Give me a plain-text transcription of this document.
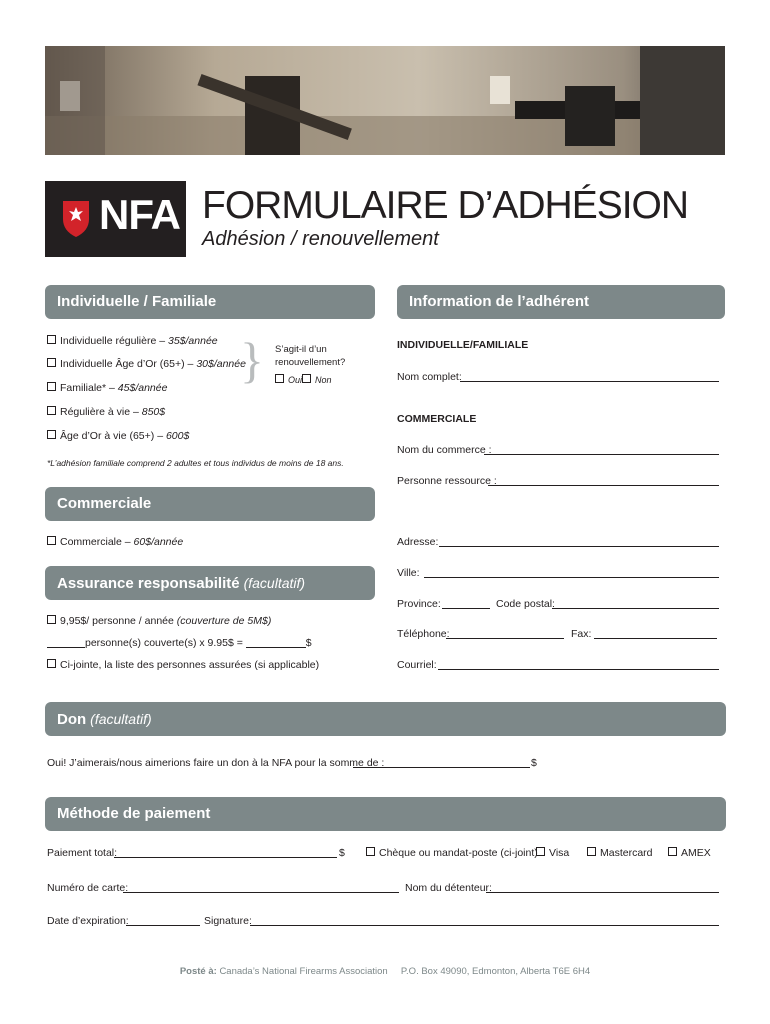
NFA FORMULAIRE D’ADHÉSION
Adhésion / renouvellement
Individuelle / Familiale
Individuelle régulière – 35$/année
Individuelle Âge d’Or (65+) – 30$/année
Familiale* – 45$/année
Régulière à vie – 850$
Âge d’Or à vie (65+) – 600$
} S’agit-il d’un
renouvellement?
Oui	Non
*L’adhésion familiale comprend 2 adultes et tous individus de moins de 18 ans.
Commerciale
Commerciale – 60$/année
Assurance responsabilité (facultatif)
9,95$/ personne / année (couverture de 5M$)
personne(s) couverte(s) x 9.95$ =	$
Ci-jointe, la liste des personnes assurées (si applicable)
Information de l’adhérent
INDIVIDUELLE/FAMILIALE
Nom complet:
COMMERCIALE
Nom du commerce :
Personne ressource :
Adresse:
Ville:
Province:	Code postal:
Téléphone:	Fax:
Courriel:
Don (facultatif)
Oui! J’aimerais/nous aimerions faire un don à la NFA pour la somme de :	$
Méthode de paiement
Paiement total:	$	Chèque ou mandat-poste (ci-joint)	Visa	Mastercard	AMEX
Numéro de carte:	Nom du détenteur:
Date d’expiration:	Signature:
Posté à: Canada’s National Firearms Association P.O. Box 49090, Edmonton, Alberta T6E 6H4
